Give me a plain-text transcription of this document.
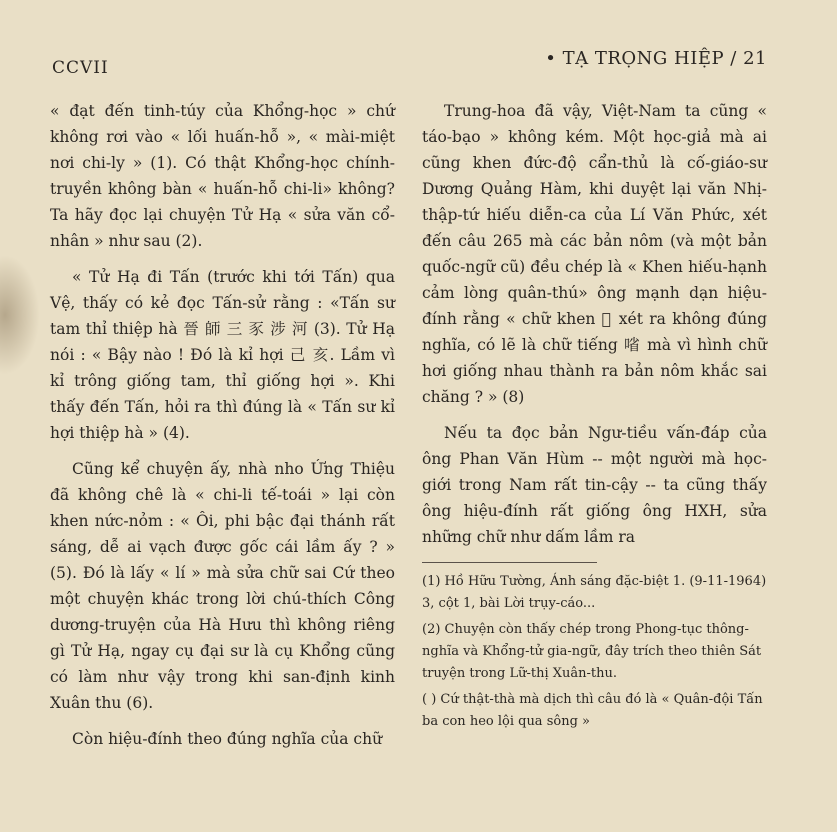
CCVII	• TẠ TRỌNG HIỆP / 21

« đạt đến tinh-túy của Khổng-học » chứ không rơi vào « lối huấn-hỗ », « mài-miệt nơi chi-ly » (1). Có thật Khổng-học chính-truyền không bàn « huấn-hỗ chi-li» không? Ta hãy đọc lại chuyện Tử Hạ « sửa văn cổ-nhân » như sau (2).

« Tử Hạ đi Tấn (trước khi tới Tấn) qua Vệ, thấy có kẻ đọc Tấn-sử rằng : «Tấn sư tam thỉ thiệp hà 晉 師 三 豕 涉 河 (3). Tử Hạ nói : « Bậy nào ! Đó là kỉ hợi 己 亥. Lầm vì kỉ trông giống tam, thỉ giống hợi ». Khi thấy đến Tấn, hỏi ra thì đúng là « Tấn sư kỉ hợi thiệp hà » (4).

Cũng kể chuyện ấy, nhà nho Ứng Thiệu đã không chê là « chi-li tế-toái » lại còn khen nức-nỏm : « Ôi, phi bậc đại thánh rất sáng, dễ ai vạch được gốc cái lầm ấy ? » (5). Đó là lấy « lí » mà sửa chữ sai Cứ theo một chuyện khác trong lời chú-thích Công dương-truyện của Hà Hưu thì không riêng gì Tử Hạ, ngay cụ đại sư là cụ Khổng cũng có làm như vậy trong khi san-định kinh Xuân thu (6).

Còn hiệu-đính theo đúng nghĩa của chữ

Trung-hoa đã vậy, Việt-Nam ta cũng « táo-bạo » không kém. Một học-giả mà ai cũng khen đức-độ cẩn-thủ là cố-giáo-sư Dương Quảng Hàm, khi duyệt lại văn Nhị-thập-tứ hiếu diễn-ca của Lí Văn Phức, xét đến câu 265 mà các bản nôm (và một bản quốc-ngữ cũ) đều chép là « Khen hiếu-hạnh cảm lòng quân-thú» ông mạnh dạn hiệu-đính rằng « chữ khen 𠸦 xét ra không đúng nghĩa, có lẽ là chữ tiếng 㗂 mà vì hình chữ hơi giống nhau thành ra bản nôm khắc sai chăng ? » (8)

Nếu ta đọc bản Ngư-tiều vấn-đáp của ông Phan Văn Hùm -- một người mà học-giới trong Nam rất tin-cậy -- ta cũng thấy ông hiệu-đính rất giống ông HXH, sửa những chữ như dấm lầm ra

(1) Hồ Hữu Tường, Ánh sáng đặc-biệt 1. (9-11-1964) 3, cột 1, bài Lời trụy-cáo...

(2) Chuyện còn thấy chép trong Phong-tục thông-nghĩa và Khổng-tử gia-ngữ, đây trích theo thiên Sát truyện trong Lữ-thị Xuân-thu.

( ) Cứ thật-thà mà dịch thì câu đó là « Quân-đội Tấn ba con heo lội qua sông »
